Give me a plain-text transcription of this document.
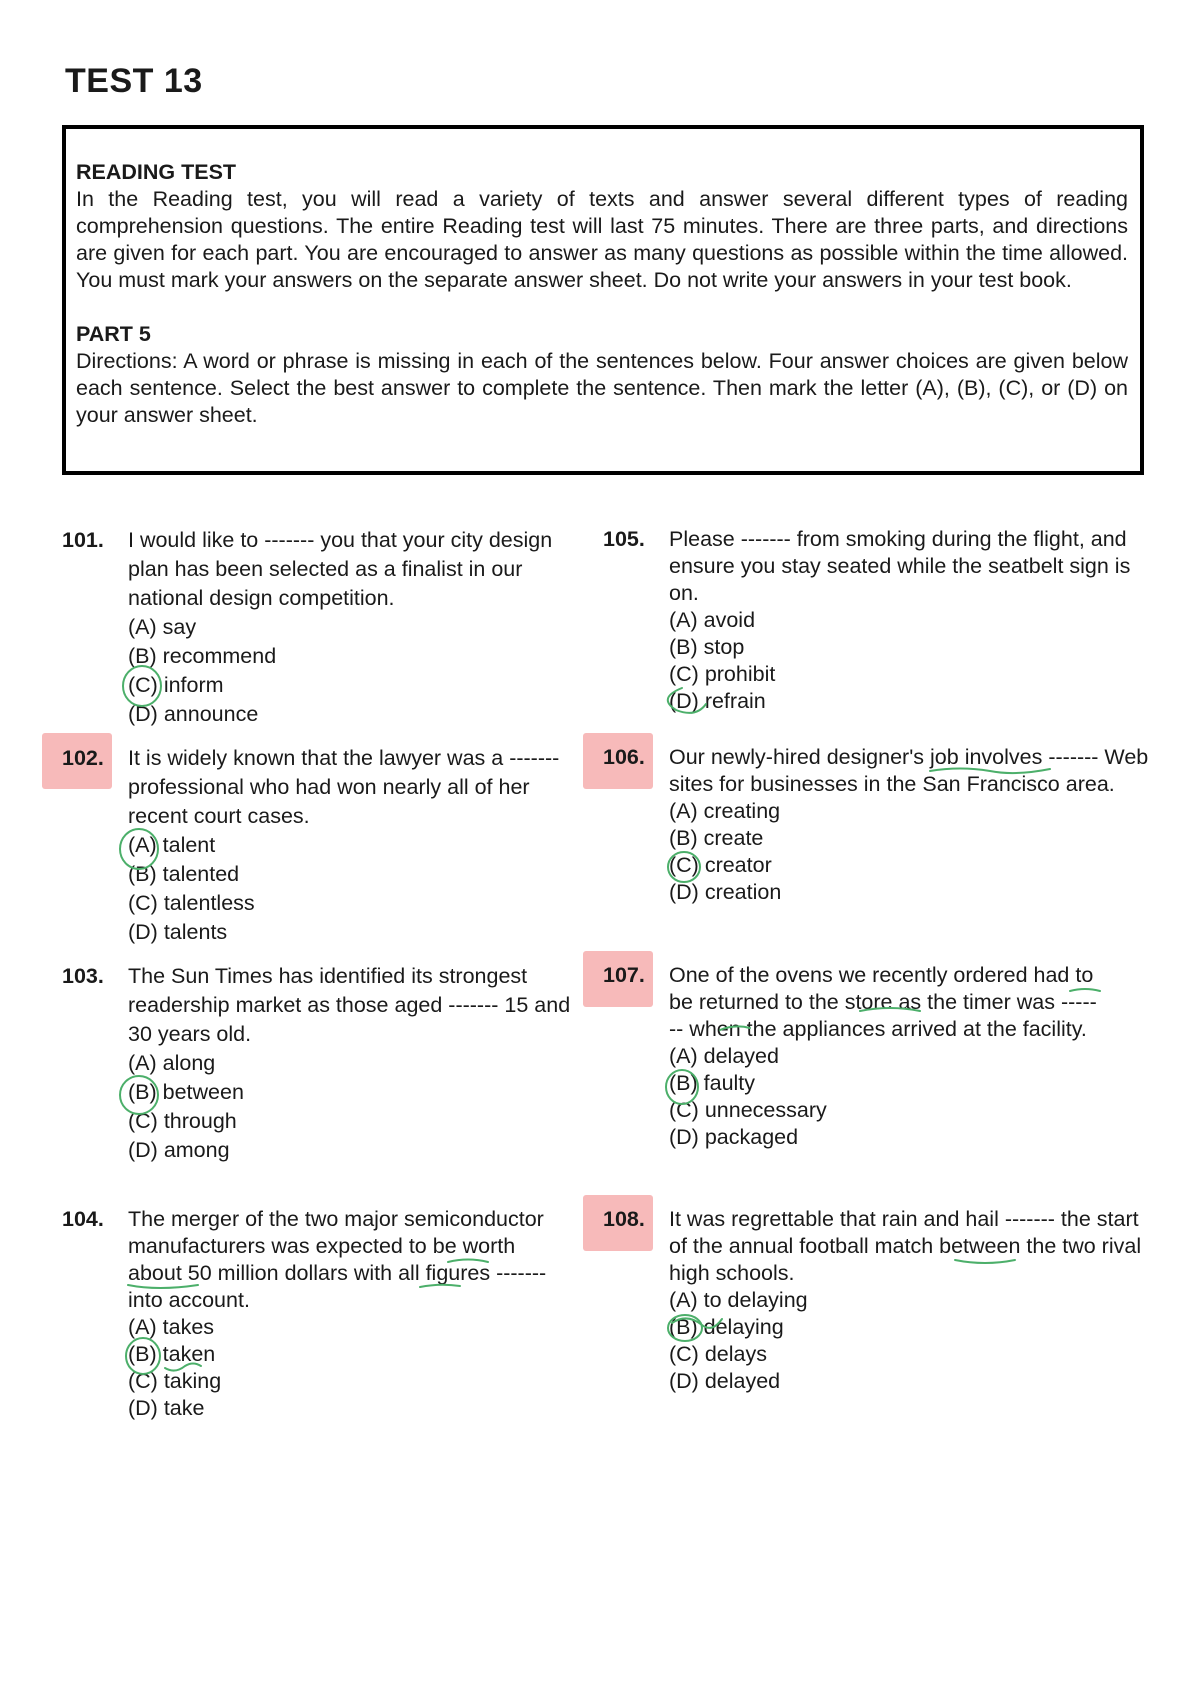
TEST 13

READING TEST

In the Reading test, you will read a variety of texts and answer several different types of reading comprehension questions. The entire Reading test will last 75 minutes. There are three parts, and directions are given for each part. You are encouraged to answer as many questions as possible within the time allowed. You must mark your answers on the separate answer sheet. Do not write your answers in your test book.

PART 5

Directions: A word or phrase is missing in each of the sentences below. Four answer choices are given below each sentence. Select the best answer to complete the sentence. Then mark the letter (A), (B), (C), or (D) on your answer sheet.

101. I would like to ------- you that your city design plan has been selected as a finalist in our national design competition.

(A) say

(B) recommend

(C) inform

(D) announce

102. It is widely known that the lawyer was a ------- professional who had won nearly all of her recent court cases.

(A) talent

(B) talented

(C) talentless

(D) talents

103. The Sun Times has identified its strongest readership market as those aged ------- 15 and 30 years old.

(A) along

(B) between

(C) through

(D) among

104. The merger of the two major semiconductor manufacturers was expected to be worth about 50 million dollars with all figures ------- into account.

(A) takes

(B) taken

(C) taking

(D) take

105. Please ------- from smoking during the flight, and ensure you stay seated while the seatbelt sign is on.

(A) avoid

(B) stop

(C) prohibit

(D) refrain

106. Our newly-hired designer's job involves ------- Web sites for businesses in the San Francisco area.

(A) creating

(B) create

(C) creator

(D) creation

107. One of the ovens we recently ordered had to be returned to the store as the timer was ------- when the appliances arrived at the facility.

(A) delayed

(B) faulty

(C) unnecessary

(D) packaged

108. It was regrettable that rain and hail ------- the start of the annual football match between the two rival high schools.

(A) to delaying

(B) delaying

(C) delays

(D) delayed
